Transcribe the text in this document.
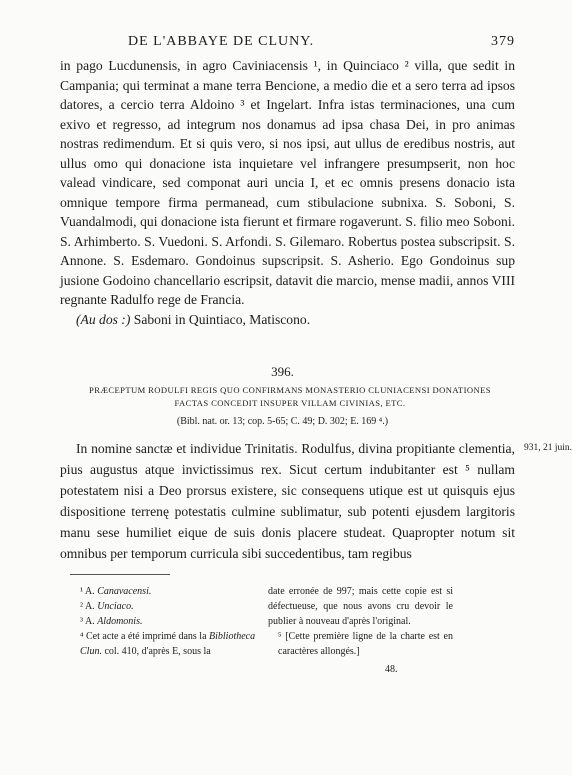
DE L'ABBAYE DE CLUNY.	379

in pago Lucdunensis, in agro Caviniacensis ¹, in Quinciaco ² villa, que sedit in Campania; qui terminat a mane terra Bencione, a medio die et a sero terra ad ipsos datores, a cercio terra Aldoino ³ et Ingelart. Infra istas terminaciones, una cum exivo et regresso, ad integrum nos donamus ad ipsa chasa Dei, in pro animas nostras redimendum. Et si quis vero, si nos ipsi, aut ullus de eredibus nostris, aut ullus omo qui donacione ista inquietare vel infrangere presumpserit, non hoc valead vindicare, sed componat auri uncia I, et ec omnis presens donacio ista omnique tempore firma permanead, cum stibulacione subnixa. S. Soboni, S. Vuandalmodi, qui donacione ista fierunt et firmare rogaverunt. S. filio meo Soboni. S. Arhimberto. S. Vuedoni. S. Arfondi. S. Gilemaro. Robertus postea subscripsit. S. Annone. S. Esdemaro. Gondoinus supscripsit. S. Asherio. Ego Gondoinus sup jusione Godoino chancellario escripsit, datavit die marcio, mense madii, annos VIII regnante Radulfo rege de Francia.

(Au dos :) Saboni in Quintiaco, Matiscono.

396.
PRÆCEPTUM RODULFI REGIS QUO CONFIRMANS MONASTERIO CLUNIACENSI DONATIONES
FACTAS CONCEDIT INSUPER VILLAM CIVINIAS, ETC.
(Bibl. nat. or. 13; cop. 5-65; C. 49; D. 302; E. 169 ⁴.)
931, 21 juin.

In nomine sanctæ et individue Trinitatis. Rodulfus, divina propitiante clementia, pius augustus atque invictissimus rex. Sicut certum indubitanter est ⁵ nullam potestatem nisi a Deo prorsus existere, sic consequens utique est ut quisquis ejus dispositione terrenę potestatis culmine sublimatur, sub potenti ejusdem largitoris manu sese humiliet eique de suis donis placere studeat. Quapropter notum sit omnibus per temporum curricula sibi succedentibus, tam regibus

¹ A. Canavacensi.
² A. Unciaco.
³ A. Aldomonis.
⁴ Cet acte a été imprimé dans la Bibliotheca Clun. col. 410, d'après E, sous la
date erronée de 997; mais cette copie est si défectueuse, que nous avons cru devoir le publier à nouveau d'après l'original.
⁵ [Cette première ligne de la charte est en caractères allongés.]
48.
